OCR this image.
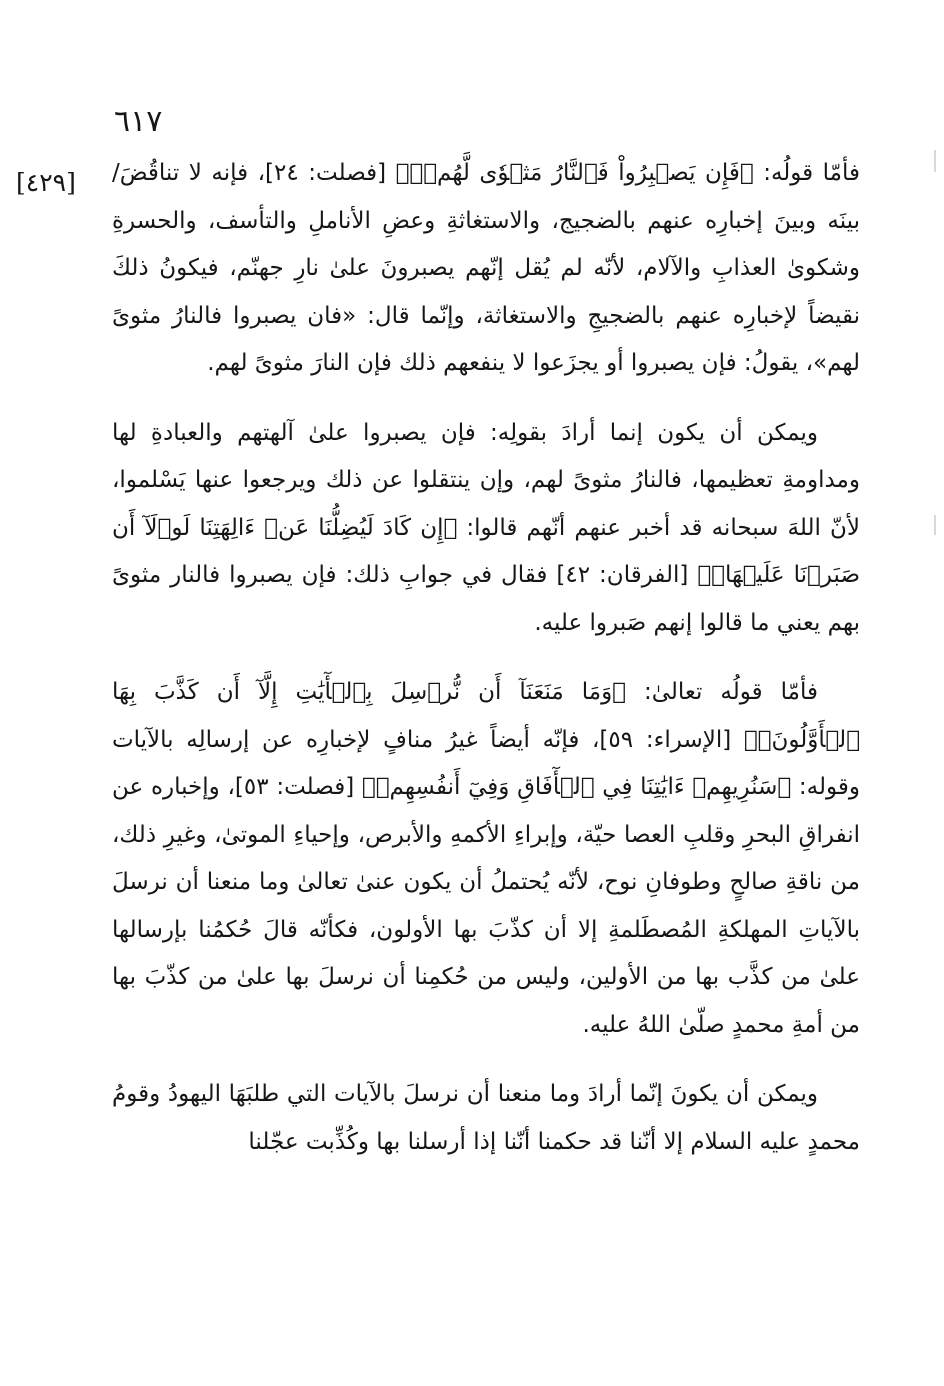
٦١٧
[٤٢٩] فأمّا قولُه: ﴿فَإِن يَصۡبِرُواْ فَٱلنَّارُ مَثۡوٗى لَّهُمۡۖ﴾ [فصلت: ٢٤]، فإنه لا تناقُضَ/ بينَه وبينَ إخبارِه عنهم بالضجيج، والاستغاثةِ وعضِ الأناملِ والتأسف، والحسرةِ وشكوىٰ العذابِ والآلام، لأنّه لم يُقل إنّهم يصبرونَ علىٰ نارِ جهنّم، فيكونُ ذلكَ نقيضاً لإخبارِه عنهم بالضجيجِ والاستغاثة، وإنّما قال: «فان يصبروا فالنارُ مثوىً لهم»، يقولُ: فإن يصبروا أو يجزَعوا لا ينفعهم ذلك فإن النارَ مثوىً لهم.

ويمكن أن يكون إنما أرادَ بقولِه: فإن يصبروا علىٰ آلهتهم والعبادةِ لها ومداومةِ تعظيمها، فالنارُ مثوىً لهم، وإن ينتقلوا عن ذلك ويرجعوا عنها يَسْلموا، لأنّ اللهَ سبحانه قد أخبر عنهم أنّهم قالوا: ﴿إِن كَادَ لَيُضِلُّنَا عَنۡ ءَالِهَتِنَا لَوۡلَآ أَن صَبَرۡنَا عَلَيۡهَاۚ﴾ [الفرقان: ٤٢] فقال في جوابِ ذلك: فإن يصبروا فالنار مثوىً بهم يعني ما قالوا إنهم صَبروا عليه.

فأمّا قولُه تعالىٰ: ﴿وَمَا مَنَعَنَآ أَن نُّرۡسِلَ بِٱلۡأٓيَٰتِ إِلَّآ أَن كَذَّبَ بِهَا ٱلۡأَوَّلُونَۚ﴾ [الإسراء: ٥٩]، فإنّه أيضاً غيرُ منافٍ لإخبارِه عن إرسالِه بالآيات وقوله: ﴿سَنُرِيهِمۡ ءَايَٰتِنَا فِي ٱلۡأٓفَاقِ وَفِيٓ أَنفُسِهِمۡ﴾ [فصلت: ٥٣]، وإخباره عن انفراقِ البحرِ وقلبِ العصا حيّة، وإبراءِ الأكمهِ والأبرص، وإحياءِ الموتىٰ، وغيرِ ذلك، من ناقةِ صالحٍ وطوفانِ نوح، لأنّه يُحتملُ أن يكون عنىٰ تعالىٰ وما منعنا أن نرسلَ بالآياتِ المهلكةِ المُصطَلمةِ إلا أن كذّبَ بها الأولون، فكأنّه قالَ حُكمُنا بإرسالها علىٰ من كذَّب بها من الأولين، وليس من حُكمِنا أن نرسلَ بها علىٰ من كذّبَ بها من أمةِ محمدٍ صلّىٰ اللهُ عليه.

ويمكن أن يكونَ إنّما أرادَ وما منعنا أن نرسلَ بالآيات التي طلبَهَا اليهودُ وقومُ محمدٍ عليه السلام إلا أنّنا قد حكمنا أنّنا إذا أرسلنا بها وكُذِّبت عجّلنا
